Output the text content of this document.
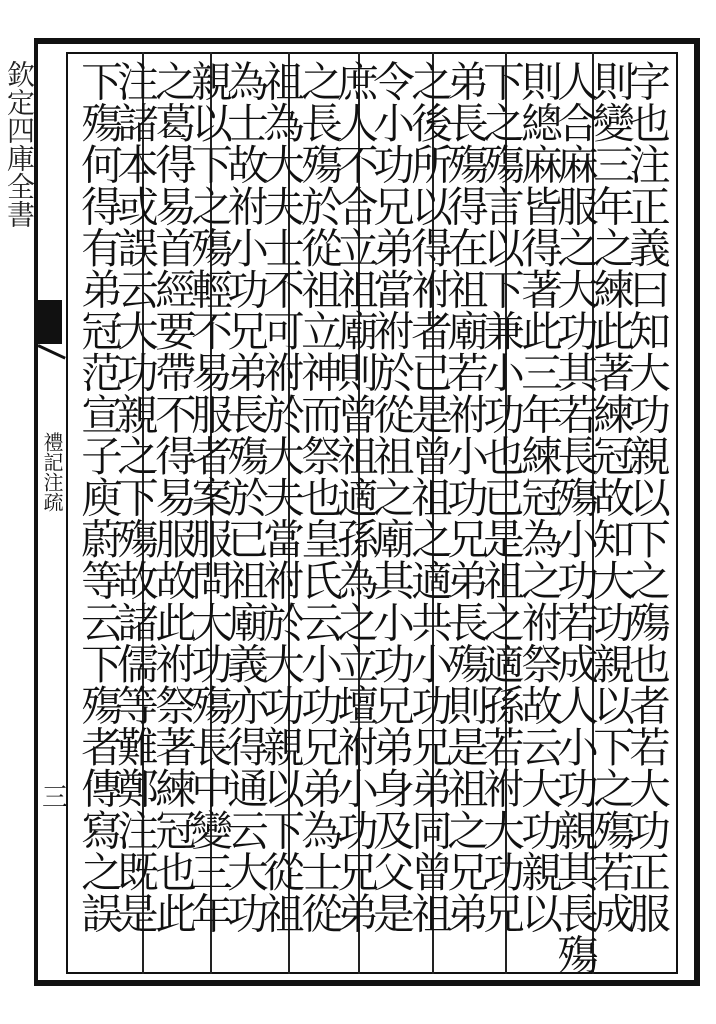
欽定四庫全書
禮記注疏
三	字也注正義曰知大功親以下之殤也者若大功正服
則變三年之練此著練冠故知大功親以下之殤若成
人合麻服之大功其若長殤小功若成人小功親其長殤
則總麻皆得著此三年練冠為之祔祭故云大功親以
下之殤言以下兼小功也已是祖之適孫若祔大功兄
弟長殤得在祖廟若祔小功兄弟長殤則是祖之兄弟
之後所以得祔者已是曾祖之適共小功兄弟同曾祖
令小功兄弟當祔於從祖之廟其小功兄弟身及父是
庶人不合立祖廟則曾祖適孫為之立壇祔小功兄弟
之長殤於從祖立神而祭也皇氏云小功兄弟為士從
祖為大夫士不可祔於大夫當祔於大功親以下從祖
為士故祔小功兄弟長殤於已祖廟義亦得通云大功
親以下之殤輕不易服者案服問大功殤長中變三年
之葛得易首經要帶不得易服故此祔祭著練冠也此
注諸本或誤云大功親之下殤故諸儒等難鄭注既是
下殤何得有弟冠范宣子庾蔚等云下殤者傳寫之誤
